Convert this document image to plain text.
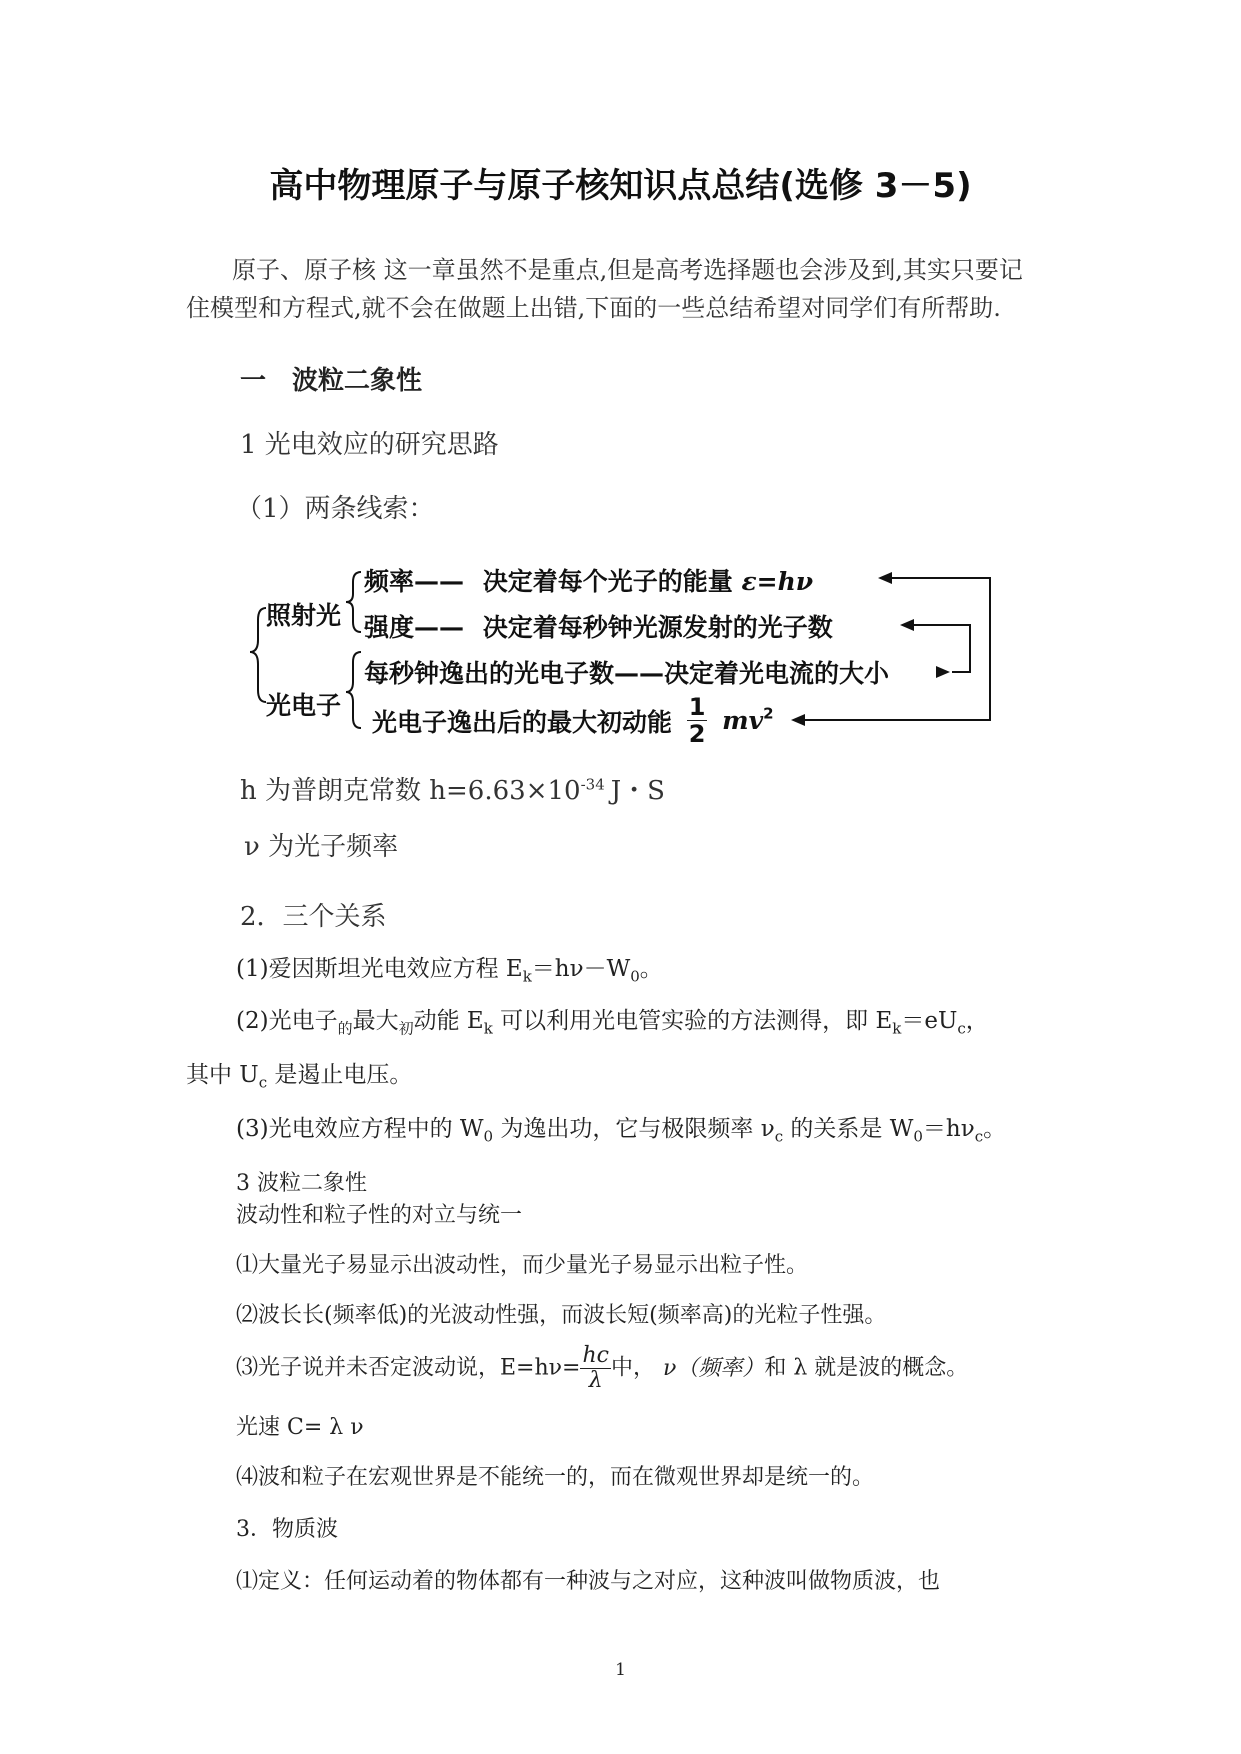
高中物理原子与原子核知识点总结(选修 3－5)
原子、原子核 这一章虽然不是重点,但是高考选择题也会涉及到,其实只要记
住模型和方程式,就不会在做题上出错,下面的一些总结希望对同学们有所帮助.
一　波粒二象性
1 光电效应的研究思路
（1）两条线索：
照射光
光电子
频率—— 决定着每个光子的能量 ε=hν
强度—— 决定着每秒钟光源发射的光子数
每秒钟逸出的光电子数——决定着光电流的大小
光电子逸出后的最大初动能 $\frac{1}{2} mv^2$
h 为普朗克常数 $h=6.63\times 10^{-34}$ J・S
ν 为光子频率
2．三个关系
(1)爱因斯坦光电效应方程 $E_k=h\nu-W_0$。
(2)光电子$_的$最大$_初$动能 $E_k$ 可以利用光电管实验的方法测得，即 $E_k=eU_c$，
其中 $U_c$ 是遏止电压。
(3)光电效应方程中的 $W_0$ 为逸出功，它与极限频率 $\nu_c$ 的关系是 $W_0=h\nu_c$。
3 波粒二象性
波动性和粒子性的对立与统一
⑴大量光子易显示出波动性，而少量光子易显示出粒子性。
⑵波长长(频率低)的光波动性强，而波长短(频率高)的光粒子性强。
⑶光子说并未否定波动说，$E=h\nu= \frac{hc}{\lambda}$ 中， ν（频率）和 λ 就是波的概念。
光速 C= λ ν
⑷波和粒子在宏观世界是不能统一的，而在微观世界却是统一的。
3．物质波
⑴定义：任何运动着的物体都有一种波与之对应，这种波叫做物质波，也
1
